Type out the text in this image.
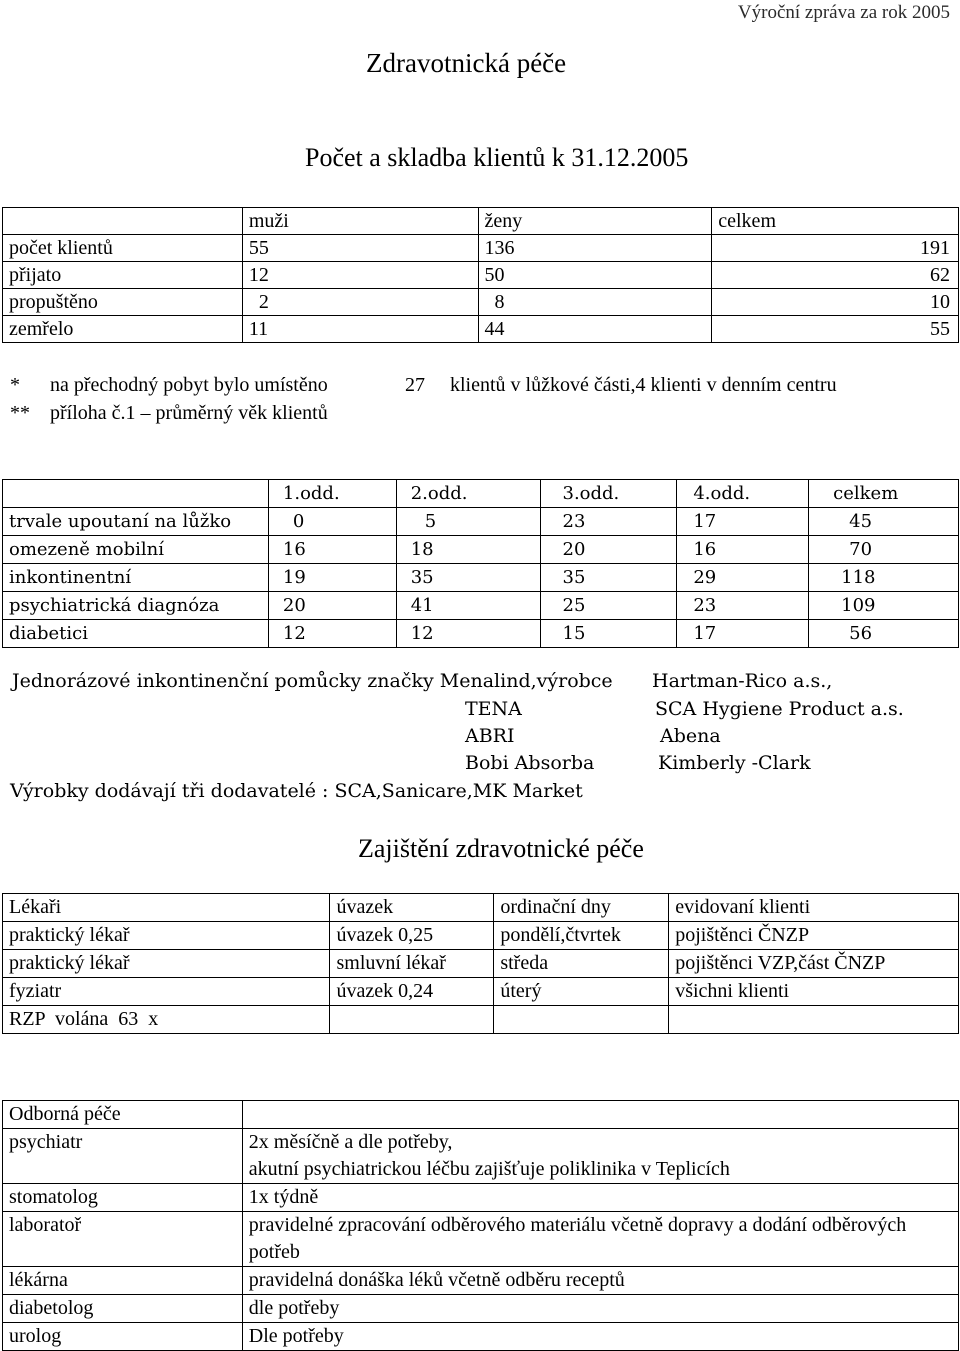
Výroční zpráva za rok 2005
Zdravotnická péče
Počet a skladba klientů k 31.12.2005
	muži	ženy	celkem
počet klientů	55	136	191
přijato	12	50	62
propuštěno	2	8	10
zemřelo	11	44	55
* na přechodný pobyt bylo umístěno	27 klientů v lůžkové části,4 klienti v denním centru
** příloha č.1 – průměrný věk klientů
	1.odd.	2.odd.	3.odd.	4.odd.	celkem
trvale upoutaní na lůžko	0	5	23	17	45
omezeně mobilní	16	18	20	16	70
inkontinentní	19	35	35	29	118
psychiatrická diagnóza	20	41	25	23	109
diabetici	12	12	15	17	56
Jednorázové inkontinenční pomůcky značky Menalind,výrobce Hartman-Rico a.s.,
TENA	SCA Hygiene Product a.s.
ABRI	Abena
Bobi Absorba	Kimberly -Clark
Výrobky dodávají tři dodavatelé : SCA,Sanicare,MK Market
Zajištění zdravotnické péče
Lékaři	úvazek	ordinační dny	evidovaní klienti
praktický lékař	úvazek 0,25	pondělí,čtvrtek	pojištěnci ČNZP
praktický lékař	smluvní lékař	středa	pojištěnci VZP,část ČNZP
fyziatr	úvazek 0,24	úterý	všichni klienti
RZP  volána  63  x			
Odborná péče	
psychiatr	2x měsíčně a dle potřeby,
akutní psychiatrickou léčbu zajišťuje poliklinika v Teplicích
stomatolog	1x týdně
laboratoř	pravidelné zpracování odběrového materiálu včetně dopravy a dodání odběrových potřeb
lékárna	pravidelná donáška léků včetně odběru receptů
diabetolog	dle potřeby
urolog	Dle potřeby
